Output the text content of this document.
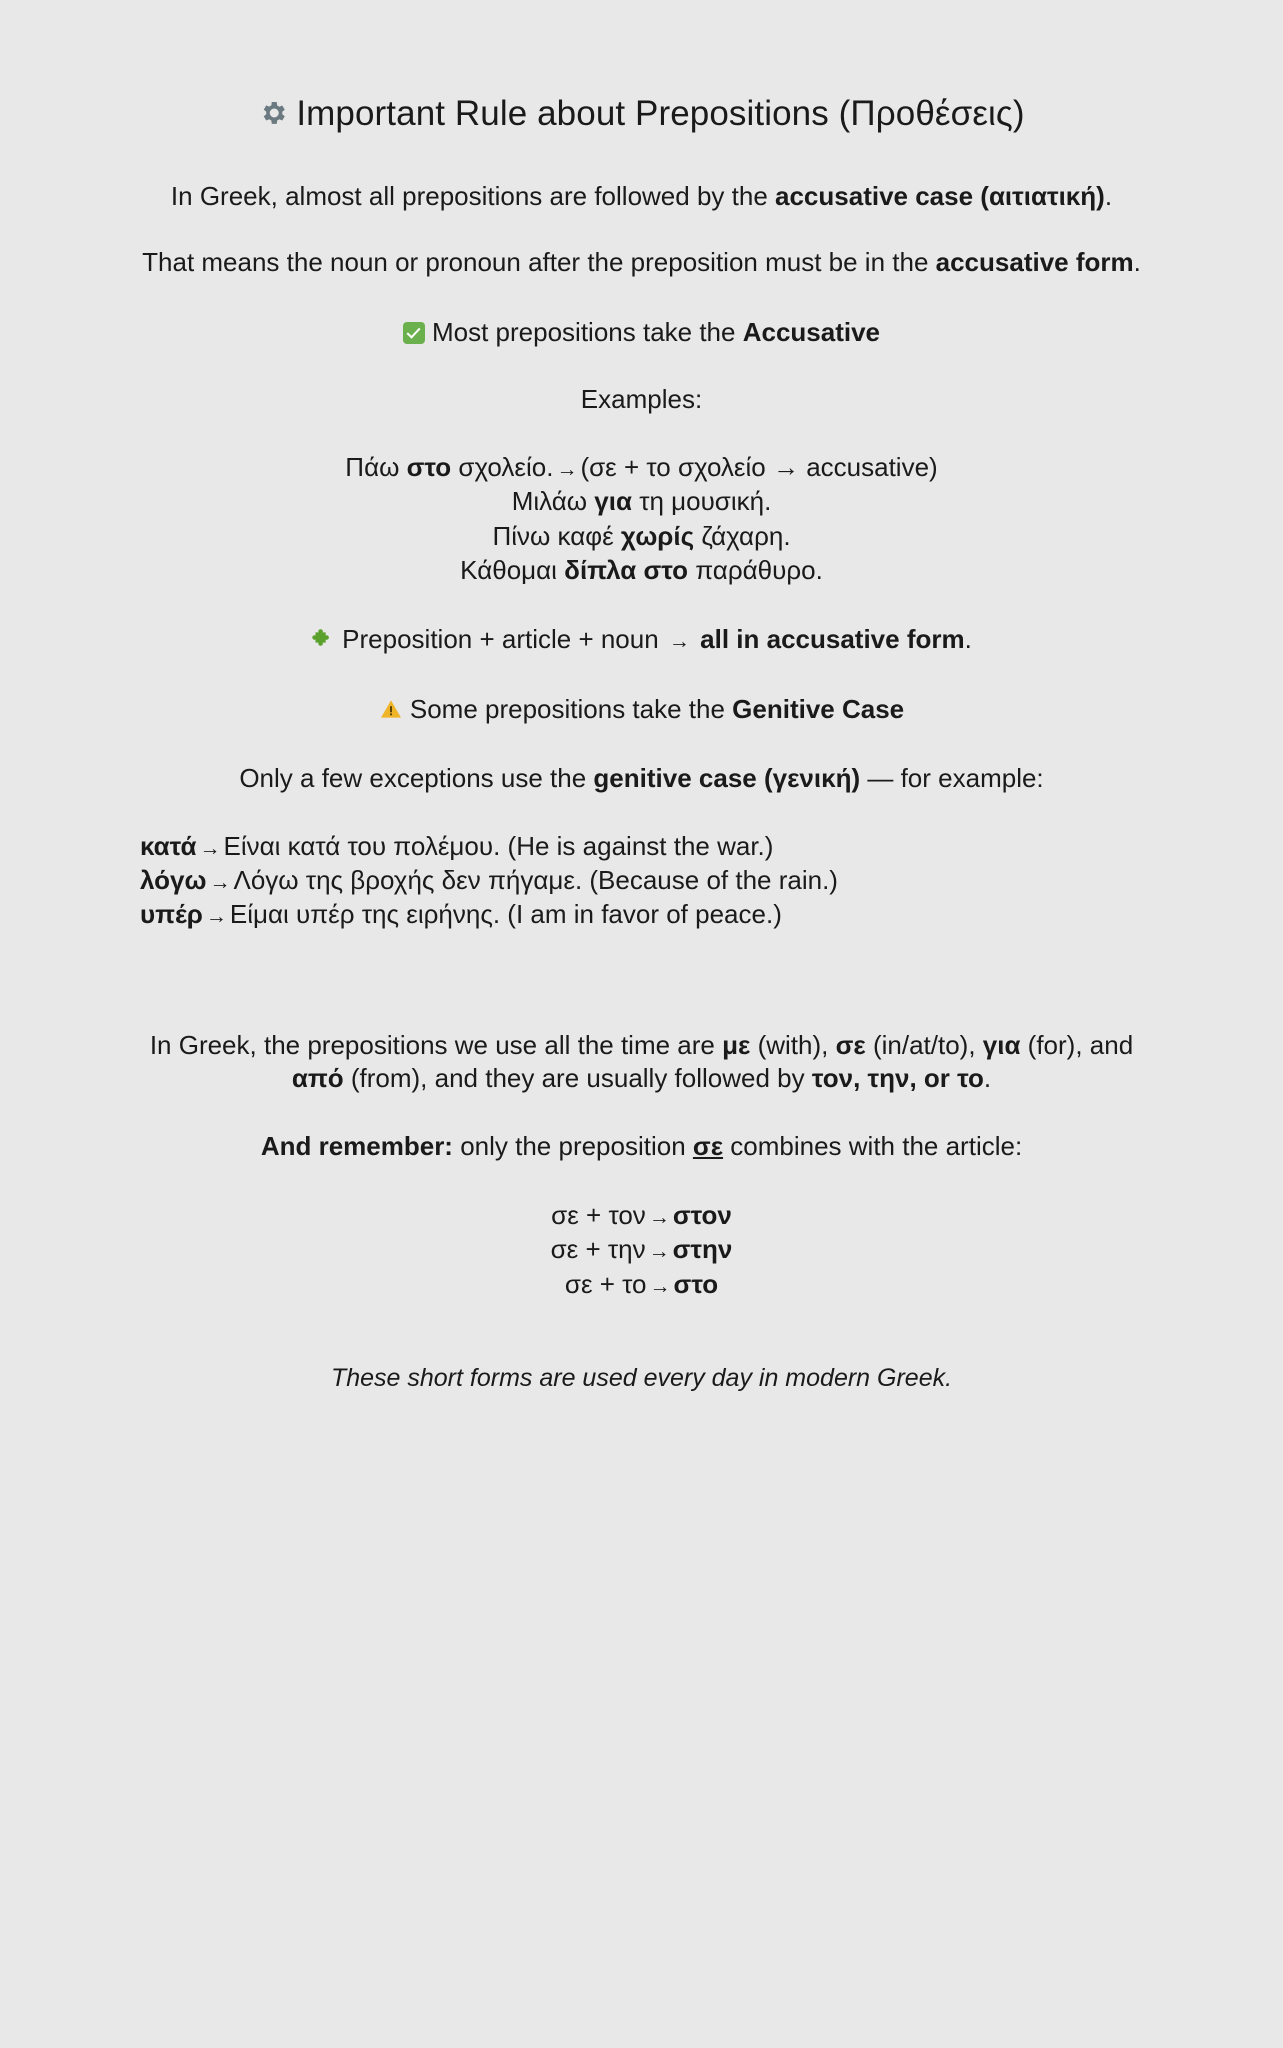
Important Rule about Prepositions (Προθέσεις)

In Greek, almost all prepositions are followed by the accusative case (αιτιατική).

That means the noun or pronoun after the preposition must be in the accusative form.

Most prepositions take the Accusative

Examples:

Πάω στο σχολείο. → (σε + το σχολείο → accusative)
Μιλάω για τη μουσική.
Πίνω καφέ χωρίς ζάχαρη.
Κάθομαι δίπλα στο παράθυρο.
Preposition + article + noun → all in accusative form.
Some prepositions take the Genitive Case

Only a few exceptions use the genitive case (γενική) — for example:

κατά → Είναι κατά του πολέμου. (He is against the war.)
λόγω → Λόγω της βροχής δεν πήγαμε. (Because of the rain.)
υπέρ → Είμαι υπέρ της ειρήνης. (I am in favor of peace.)

In Greek, the prepositions we use all the time are με (with), σε (in/at/to), για (for), and από (from), and they are usually followed by τον, την, or το.

And remember: only the preposition σε combines with the article:

σε + τον → στον
σε + την → στην
σε + το → στο

These short forms are used every day in modern Greek.
